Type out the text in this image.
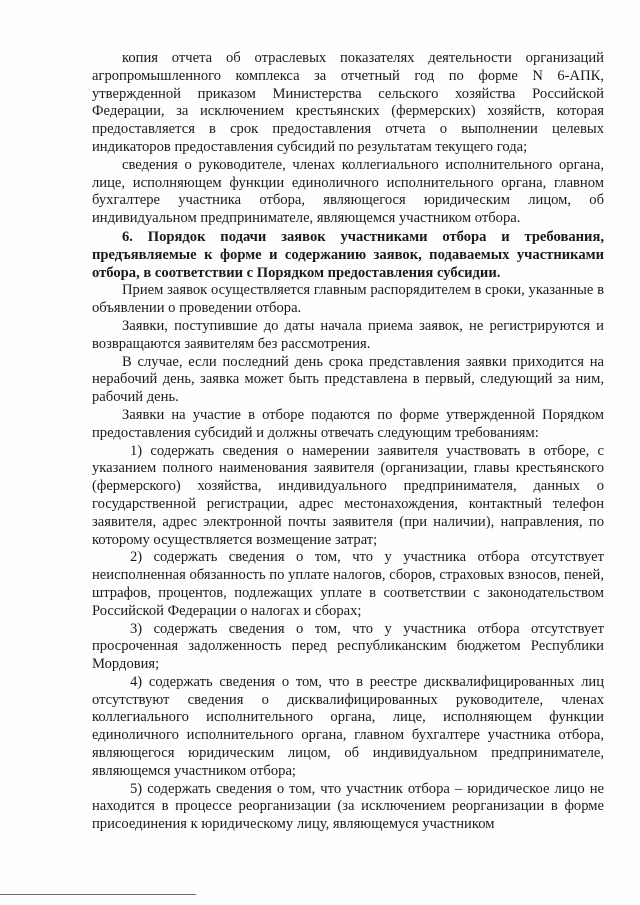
копия отчета об отраслевых показателях деятельности организаций агропромышленного комплекса за отчетный год по форме N 6-АПК, утвержденной приказом Министерства сельского хозяйства Российской Федерации, за исключением крестьянских (фермерских) хозяйств, которая предоставляется в срок предоставления отчета о выполнении целевых индикаторов предоставления субсидий по результатам текущего года;

сведения о руководителе, членах коллегиального исполнительного органа, лице, исполняющем функции единоличного исполнительного органа, главном бухгалтере участника отбора, являющегося юридическим лицом, об индивидуальном предпринимателе, являющемся участником отбора.

6. Порядок подачи заявок участниками отбора и требования, предъявляемые к форме и содержанию заявок, подаваемых участниками отбора, в соответствии с Порядком предоставления субсидии.

Прием заявок осуществляется главным распорядителем в сроки, указанные в объявлении о проведении отбора.

Заявки, поступившие до даты начала приема заявок, не регистрируются и возвращаются заявителям без рассмотрения.

В случае, если последний день срока представления заявки приходится на нерабочий день, заявка может быть представлена в первый, следующий за ним, рабочий день.

Заявки на участие в отборе подаются по форме утвержденной Порядком предоставления субсидий и должны отвечать следующим требованиям:

1) содержать сведения о намерении заявителя участвовать в отборе, с указанием полного наименования заявителя (организации, главы крестьянского (фермерского) хозяйства, индивидуального предпринимателя, данных о государственной регистрации, адрес местонахождения, контактный телефон заявителя, адрес электронной почты заявителя (при наличии), направления, по которому осуществляется возмещение затрат;

2) содержать сведения о том, что у участника отбора отсутствует неисполненная обязанность по уплате налогов, сборов, страховых взносов, пеней, штрафов, процентов, подлежащих уплате в соответствии с законодательством Российской Федерации о налогах и сборах;

3) содержать сведения о том, что у участника отбора отсутствует просроченная задолженность перед республиканским бюджетом Республики Мордовия;

4) содержать сведения о том, что в реестре дисквалифицированных лиц отсутствуют сведения о дисквалифицированных руководителе, членах коллегиального исполнительного органа, лице, исполняющем функции единоличного исполнительного органа, главном бухгалтере участника отбора, являющегося юридическим лицом, об индивидуальном предпринимателе, являющемся участником отбора;

5) содержать сведения о том, что участник отбора – юридическое лицо не находится в процессе реорганизации (за исключением реорганизации в форме присоединения к юридическому лицу, являющемуся участником
